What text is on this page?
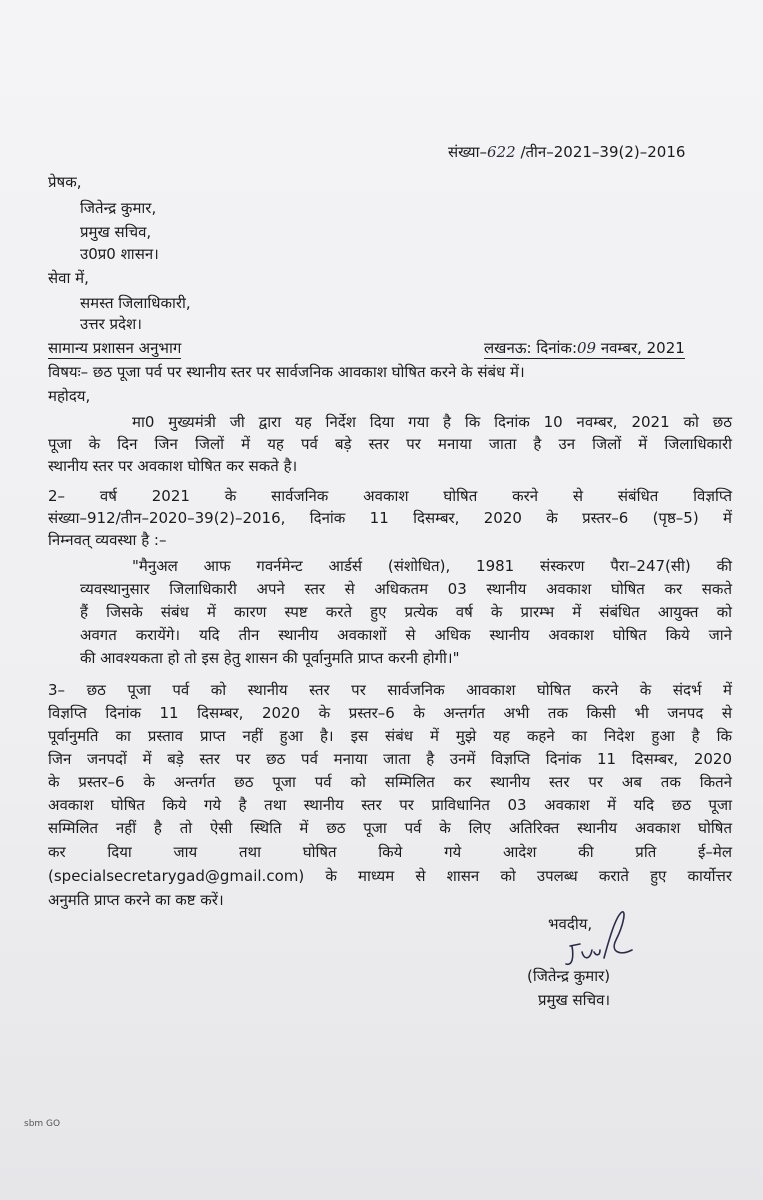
संख्या–622 /तीन–2021–39(2)–2016
प्रेषक,
जितेन्द्र कुमार,
प्रमुख सचिव,
उ0प्र0 शासन।
सेवा में,
समस्त जिलाधिकारी,
उत्तर प्रदेश।
सामान्य प्रशासन अनुभाग	लखनऊ: दिनांक:09 नवम्बर, 2021
विषयः– छठ पूजा पर्व पर स्थानीय स्तर पर सार्वजनिक आवकाश घोषित करने के संबंध में।
महोदय,
मा0 मुख्यमंत्री जी द्वारा यह निर्देश दिया गया है कि दिनांक 10 नवम्बर, 2021 को छठ
पूजा के दिन जिन जिलों में यह पर्व बड़े स्तर पर मनाया जाता है उन जिलों में जिलाधिकारी
स्थानीय स्तर पर अवकाश घोषित कर सकते है।
2– वर्ष 2021 के सार्वजनिक अवकाश घोषित करने से संबंधित विज्ञप्ति
संख्या–912/तीन–2020–39(2)–2016, दिनांक 11 दिसम्बर, 2020 के प्रस्तर–6 (पृष्ठ–5) में
निम्नवत् व्यवस्था है :–
"मैनुअल आफ गवर्नमेन्ट आर्डर्स (संशोधित), 1981 संस्करण पैरा–247(सी) की
व्यवस्थानुसार जिलाधिकारी अपने स्तर से अधिकतम 03 स्थानीय अवकाश घोषित कर सकते
हैं जिसके संबंध में कारण स्पष्ट करते हुए प्रत्येक वर्ष के प्रारम्भ में संबंधित आयुक्त को
अवगत करायेंगे। यदि तीन स्थानीय अवकाशों से अधिक स्थानीय अवकाश घोषित किये जाने
की आवश्यकता हो तो इस हेतु शासन की पूर्वानुमति प्राप्त करनी होगी।"
3– छठ पूजा पर्व को स्थानीय स्तर पर सार्वजनिक आवकाश घोषित करने के संदर्भ में
विज्ञप्ति दिनांक 11 दिसम्बर, 2020 के प्रस्तर–6 के अन्तर्गत अभी तक किसी भी जनपद से
पूर्वानुमति का प्रस्ताव प्राप्त नहीं हुआ है। इस संबंध में मुझे यह कहने का निदेश हुआ है कि
जिन जनपदों में बड़े स्तर पर छठ पर्व मनाया जाता है उनमें विज्ञप्ति दिनांक 11 दिसम्बर, 2020
के प्रस्तर–6 के अन्तर्गत छठ पूजा पर्व को सम्मिलित कर स्थानीय स्तर पर अब तक कितने
अवकाश घोषित किये गये है तथा स्थानीय स्तर पर प्राविधानित 03 अवकाश में यदि छठ पूजा
सम्मिलित नहीं है तो ऐसी स्थिति में छठ पूजा पर्व के लिए अतिरिक्त स्थानीय अवकाश घोषित
कर दिया जाय तथा घोषित किये गये आदेश की प्रति ई–मेल
(specialsecretarygad@gmail.com) के माध्यम से शासन को उपलब्ध कराते हुए कार्योत्तर
अनुमति प्राप्त करने का कष्ट करें।
भवदीय,
(जितेन्द्र कुमार)
प्रमुख सचिव।
sbm GO
